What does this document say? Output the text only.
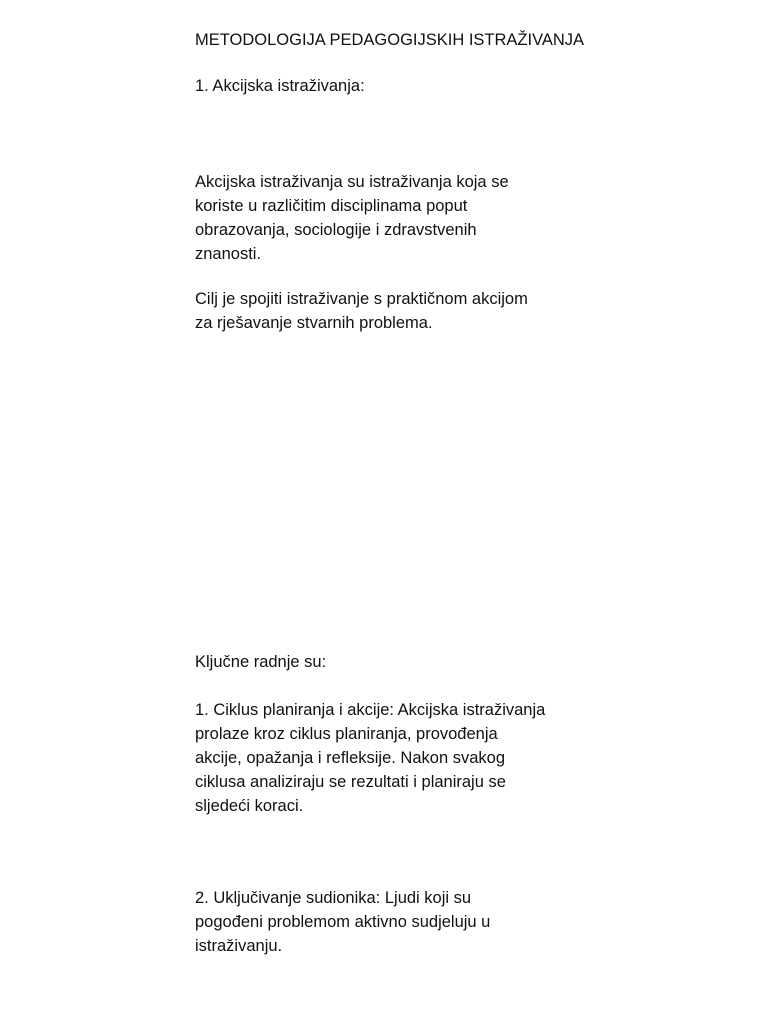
METODOLOGIJA PEDAGOGIJSKIH ISTRAŽIVANJA

1. Akcijska istraživanja:

Akcijska istraživanja su istraživanja koja se
koriste u različitim disciplinama poput
obrazovanja, sociologije i zdravstvenih
znanosti.

Cilj je spojiti istraživanje s praktičnom akcijom
za rješavanje stvarnih problema.

Ključne radnje su:

1. Ciklus planiranja i akcije: Akcijska istraživanja
prolaze kroz ciklus planiranja, provođenja
akcije, opažanja i refleksije. Nakon svakog
ciklusa analiziraju se rezultati i planiraju se
sljedeći koraci.

2. Uključivanje sudionika: Ljudi koji su
pogođeni problemom aktivno sudjeluju u
istraživanju.
